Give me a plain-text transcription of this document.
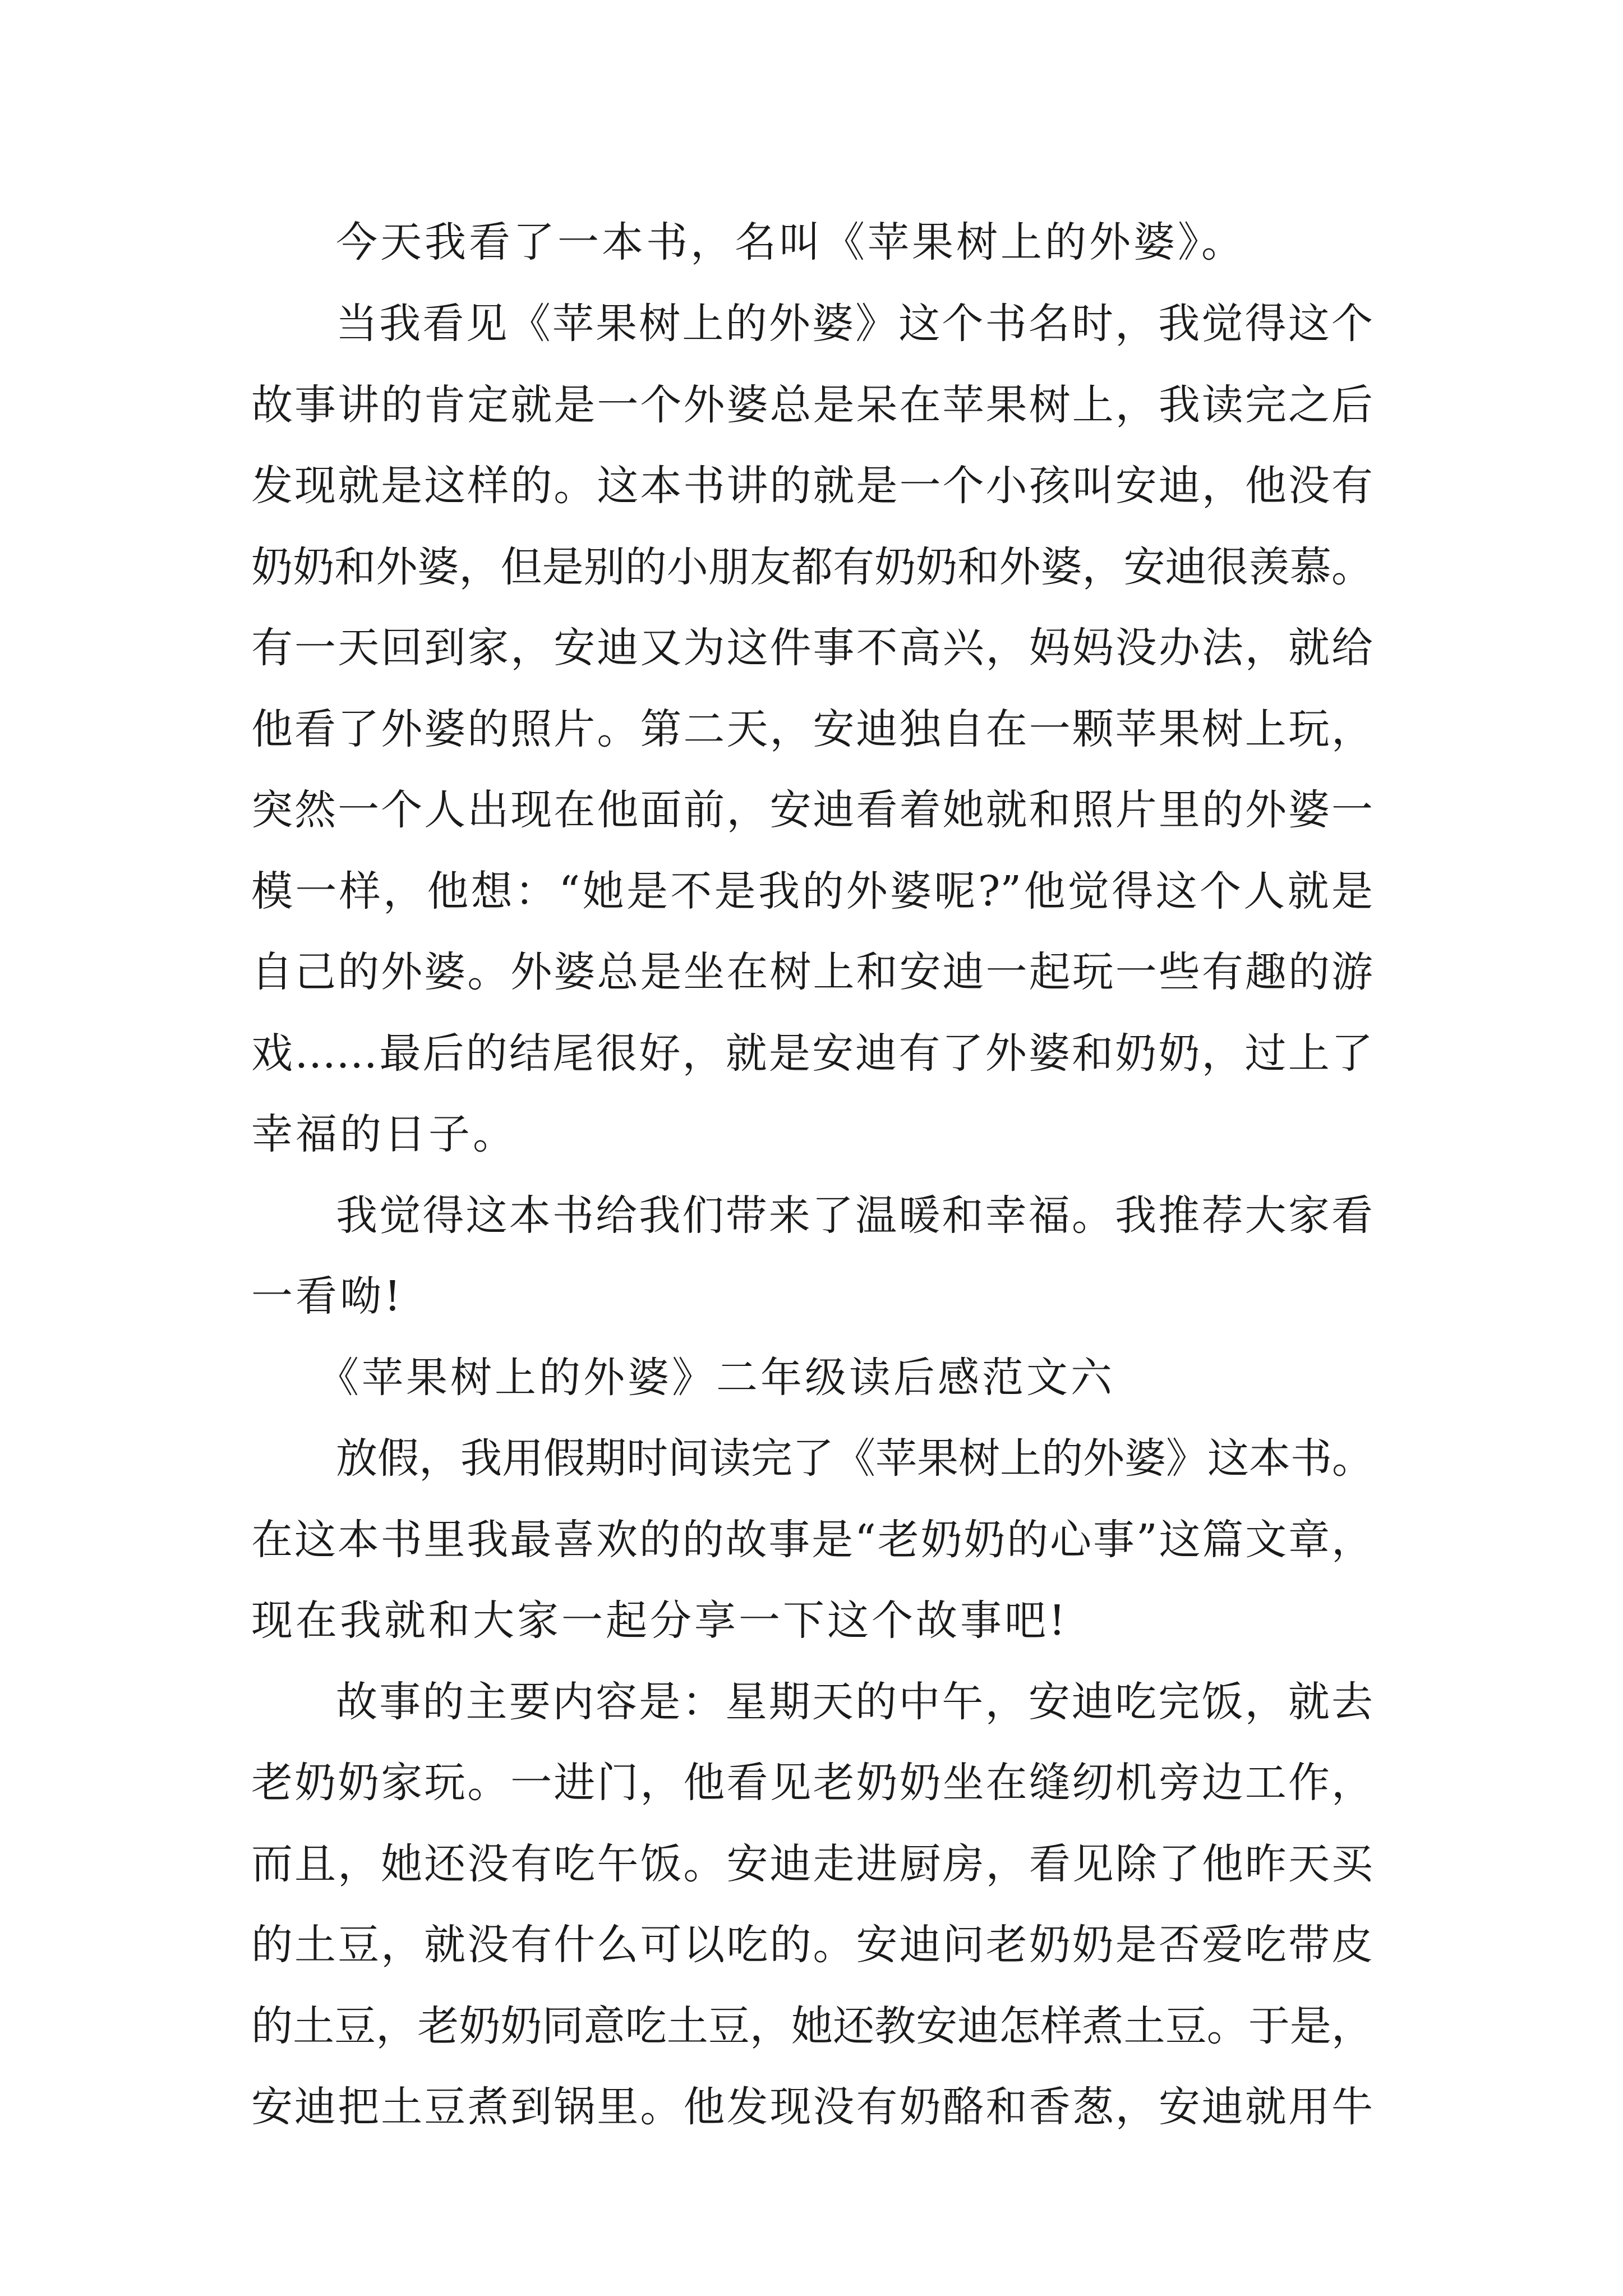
今天我看了一本书，名叫《苹果树上的外婆》。

当我看见《苹果树上的外婆》这个书名时，我觉得这个

故事讲的肯定就是一个外婆总是呆在苹果树上，我读完之后

发现就是这样的。这本书讲的就是一个小孩叫安迪，他没有

奶奶和外婆，但是别的小朋友都有奶奶和外婆，安迪很羡慕。

有一天回到家，安迪又为这件事不高兴，妈妈没办法，就给

他看了外婆的照片。第二天，安迪独自在一颗苹果树上玩，

突然一个人出现在他面前，安迪看着她就和照片里的外婆一

模一样，他想：“她是不是我的外婆呢?”他觉得这个人就是

自己的外婆。外婆总是坐在树上和安迪一起玩一些有趣的游

戏……最后的结尾很好，就是安迪有了外婆和奶奶，过上了

幸福的日子。

我觉得这本书给我们带来了温暖和幸福。我推荐大家看

一看呦!

《苹果树上的外婆》二年级读后感范文六

放假，我用假期时间读完了《苹果树上的外婆》这本书。

在这本书里我最喜欢的的故事是“老奶奶的心事”这篇文章，

现在我就和大家一起分享一下这个故事吧!

故事的主要内容是：星期天的中午，安迪吃完饭，就去

老奶奶家玩。一进门，他看见老奶奶坐在缝纫机旁边工作，

而且，她还没有吃午饭。安迪走进厨房，看见除了他昨天买

的土豆，就没有什么可以吃的。安迪问老奶奶是否爱吃带皮

的土豆，老奶奶同意吃土豆，她还教安迪怎样煮土豆。于是，

安迪把土豆煮到锅里。他发现没有奶酪和香葱，安迪就用牛
